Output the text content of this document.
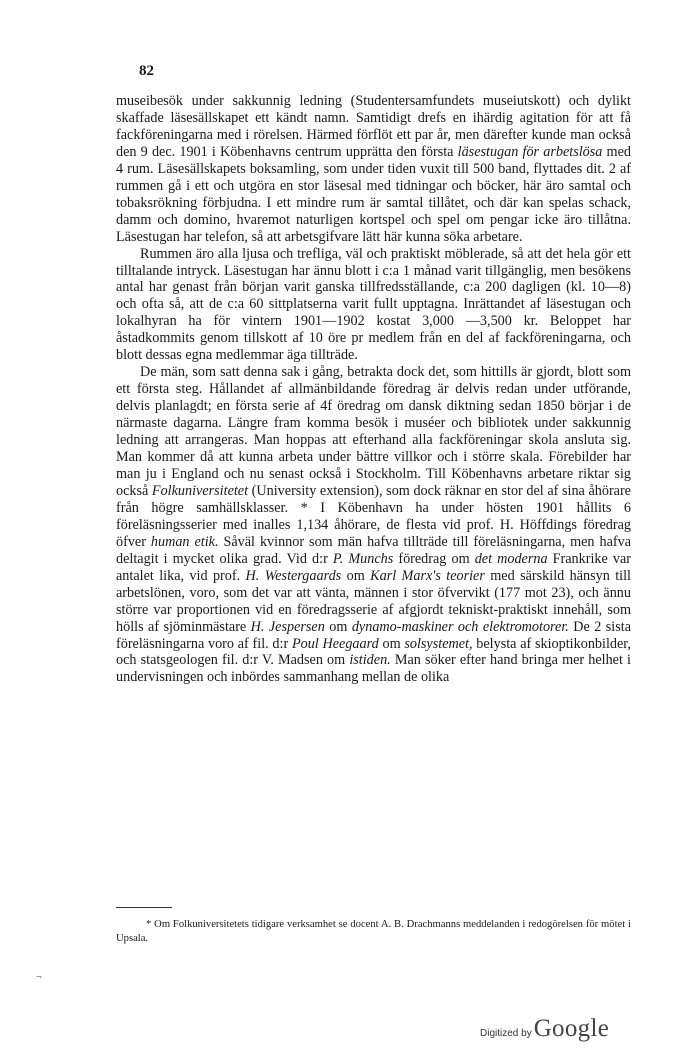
82

museibesök under sakkunnig ledning (Studentersamfundets museiutskott) och dylikt skaffade läsesällskapet ett kändt namn. Samtidigt drefs en ihärdig agitation för att få fackföreningarna med i rörelsen. Härmed förflöt ett par år, men därefter kunde man också den 9 dec. 1901 i Köbenhavns centrum upprätta den första läsestugan för arbetslösa med 4 rum. Läsesällskapets boksamling, som under tiden vuxit till 500 band, flyttades dit. 2 af rummen gå i ett och utgöra en stor läsesal med tidningar och böcker, här äro samtal och tobaksrökning förbjudna. I ett mindre rum är samtal tillåtet, och där kan spelas schack, damm och domino, hvaremot naturligen kortspel och spel om pengar icke äro tillåtna. Läsestugan har telefon, så att arbetsgifvare lätt här kunna söka arbetare.

Rummen äro alla ljusa och trefliga, väl och praktiskt möblerade, så att det hela gör ett tilltalande intryck. Läsestugan har ännu blott i c:a 1 månad varit tillgänglig, men besökens antal har genast från början varit ganska tillfredsställande, c:a 200 dagligen (kl. 10—8) och ofta så, att de c:a 60 sittplatserna varit fullt upptagna. Inrättandet af läsestugan och lokalhyran ha för vintern 1901—1902 kostat 3,000 —3,500 kr. Beloppet har åstadkommits genom tillskott af 10 öre pr medlem från en del af fackföreningarna, och blott dessas egna medlemmar äga tillträde.

De män, som satt denna sak i gång, betrakta dock det, som hittills är gjordt, blott som ett första steg. Hållandet af allmänbildande föredrag är delvis redan under utförande, delvis planlagdt; en första serie af 4f öredrag om dansk diktning sedan 1850 börjar i de närmaste dagarna. Längre fram komma besök i muséer och bibliotek under sakkunnig ledning att arrangeras. Man hoppas att efterhand alla fackföreningar skola ansluta sig. Man kommer då att kunna arbeta under bättre villkor och i större skala. Förebilder har man ju i England och nu senast också i Stockholm. Till Köbenhavns arbetare riktar sig också Folkuniversitetet (University extension), som dock räknar en stor del af sina åhörare från högre samhällsklasser. * I Köbenhavn ha under hösten 1901 hållits 6 föreläsningsserier med inalles 1,134 åhörare, de flesta vid prof. H. Höffdings föredrag öfver human etik. Såväl kvinnor som män hafva tillträde till föreläsningarna, men hafva deltagit i mycket olika grad. Vid d:r P. Munchs föredrag om det moderna Frankrike var antalet lika, vid prof. H. Westergaards om Karl Marx's teorier med särskild hänsyn till arbetslönen, voro, som det var att vänta, männen i stor öfvervikt (177 mot 23), och ännu större var proportionen vid en föredragsserie af afgjordt tekniskt-praktiskt innehåll, som hölls af sjöminmästare H. Jespersen om dynamo-maskiner och elektromotorer. De 2 sista föreläsningarna voro af fil. d:r Poul Heegaard om solsystemet, belysta af skioptikonbilder, och statsgeologen fil. d:r V. Madsen om istiden. Man söker efter hand bringa mer helhet i undervisningen och inbördes sammanhang mellan de olika

* Om Folkuniversitetets tidigare verksamhet se docent A. B. Drachmanns meddelanden i redogörelsen för mötet i Upsala.
¬
Digitized by Google
